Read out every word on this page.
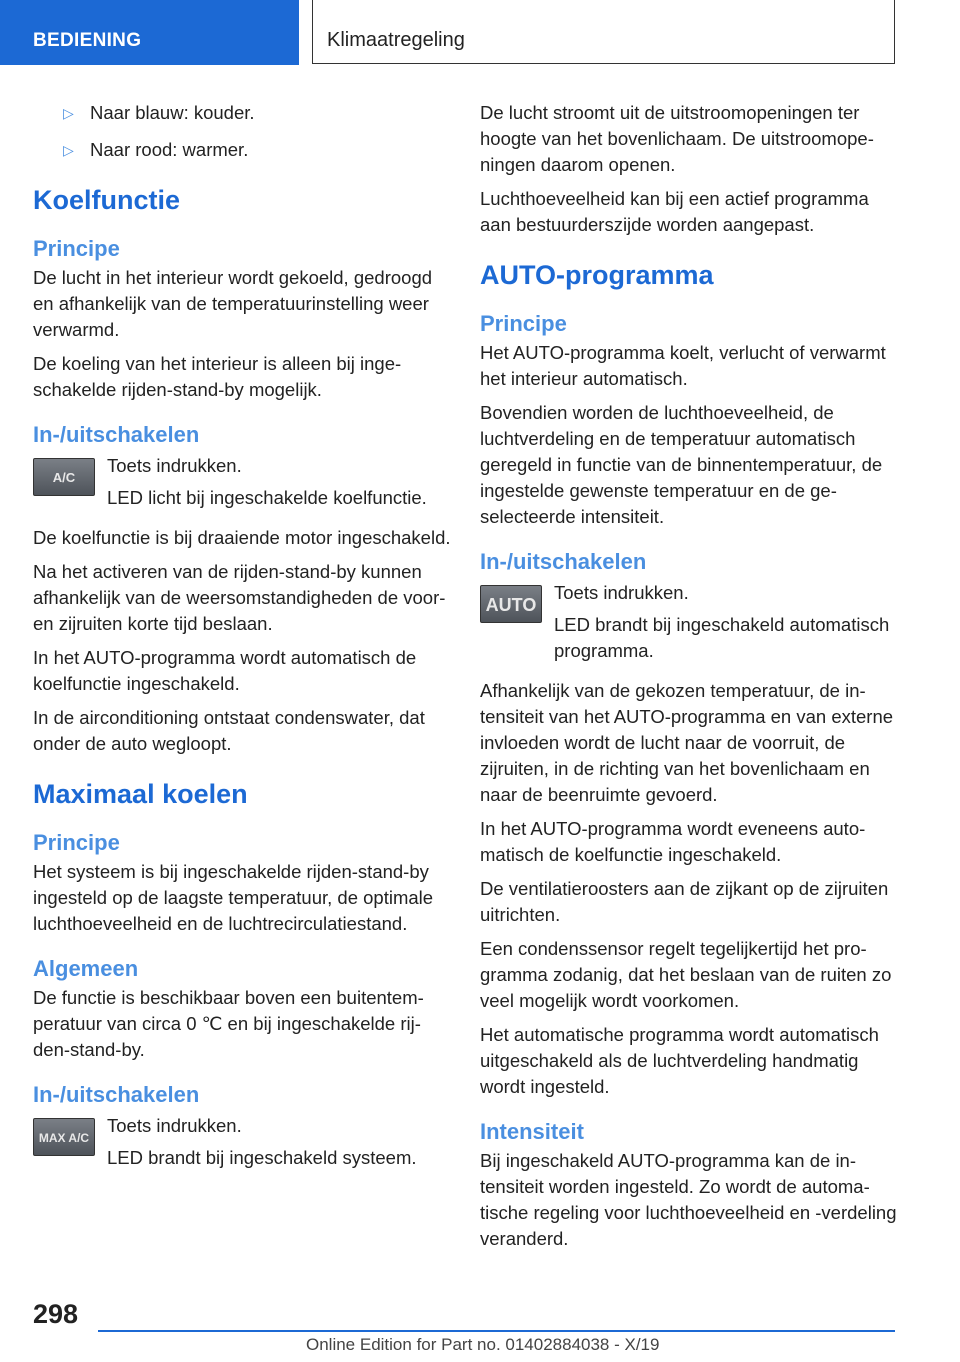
BEDIENING	Klimaatregeling
▷ Naar blauw: kouder.
▷ Naar rood: warmer.
Koelfunctie
Principe

De lucht in het interieur wordt gekoeld, gedroogd en afhankelijk van de temperatuurinstelling weer verwarmd.

De koeling van het interieur is alleen bij ingeschakelde rijden-stand-by mogelijk.

In-/uitschakelen
A/C

Toets indrukken.

LED licht bij ingeschakelde koelfunctie.

De koelfunctie is bij draaiende motor ingeschakeld.

Na het activeren van de rijden-stand-by kunnen afhankelijk van de weersomstandigheden de voor- en zijruiten korte tijd beslaan.

In het AUTO-programma wordt automatisch de koelfunctie ingeschakeld.

In de airconditioning ontstaat condenswater, dat onder de auto wegloopt.

Maximaal koelen
Principe

Het systeem is bij ingeschakelde rijden-stand-by ingesteld op de laagste temperatuur, de optimale luchthoeveelheid en de luchtrecirculatiestand.

Algemeen

De functie is beschikbaar boven een buitentemperatuur van circa 0 ℃ en bij ingeschakelde rijden-stand-by.

In-/uitschakelen
MAX A/C

Toets indrukken.

LED brandt bij ingeschakeld systeem.

De lucht stroomt uit de uitstroomopeningen ter hoogte van het bovenlichaam. De uitstroomopeningen daarom openen.

Luchthoeveelheid kan bij een actief programma aan bestuurderszijde worden aangepast.

AUTO-programma
Principe

Het AUTO-programma koelt, verlucht of verwarmt het interieur automatisch.

Bovendien worden de luchthoeveelheid, de luchtverdeling en de temperatuur automatisch geregeld in functie van de binnentemperatuur, de ingestelde gewenste temperatuur en de geselecteerde intensiteit.

In-/uitschakelen
AUTO

Toets indrukken.

LED brandt bij ingeschakeld automatisch programma.

Afhankelijk van de gekozen temperatuur, de intensiteit van het AUTO-programma en van externe invloeden wordt de lucht naar de voorruit, de zijruiten, in de richting van het bovenlichaam en naar de beenruimte gevoerd.

In het AUTO-programma wordt eveneens automatisch de koelfunctie ingeschakeld.

De ventilatieroosters aan de zijkant op de zijruiten uitrichten.

Een condenssensor regelt tegelijkertijd het programma zodanig, dat het beslaan van de ruiten zo veel mogelijk wordt voorkomen.

Het automatische programma wordt automatisch uitgeschakeld als de luchtverdeling handmatig wordt ingesteld.

Intensiteit

Bij ingeschakeld AUTO-programma kan de intensiteit worden ingesteld. Zo wordt de automatische regeling voor luchthoeveelheid en -verdeling veranderd.

298
Online Edition for Part no. 01402884038 - X/19
